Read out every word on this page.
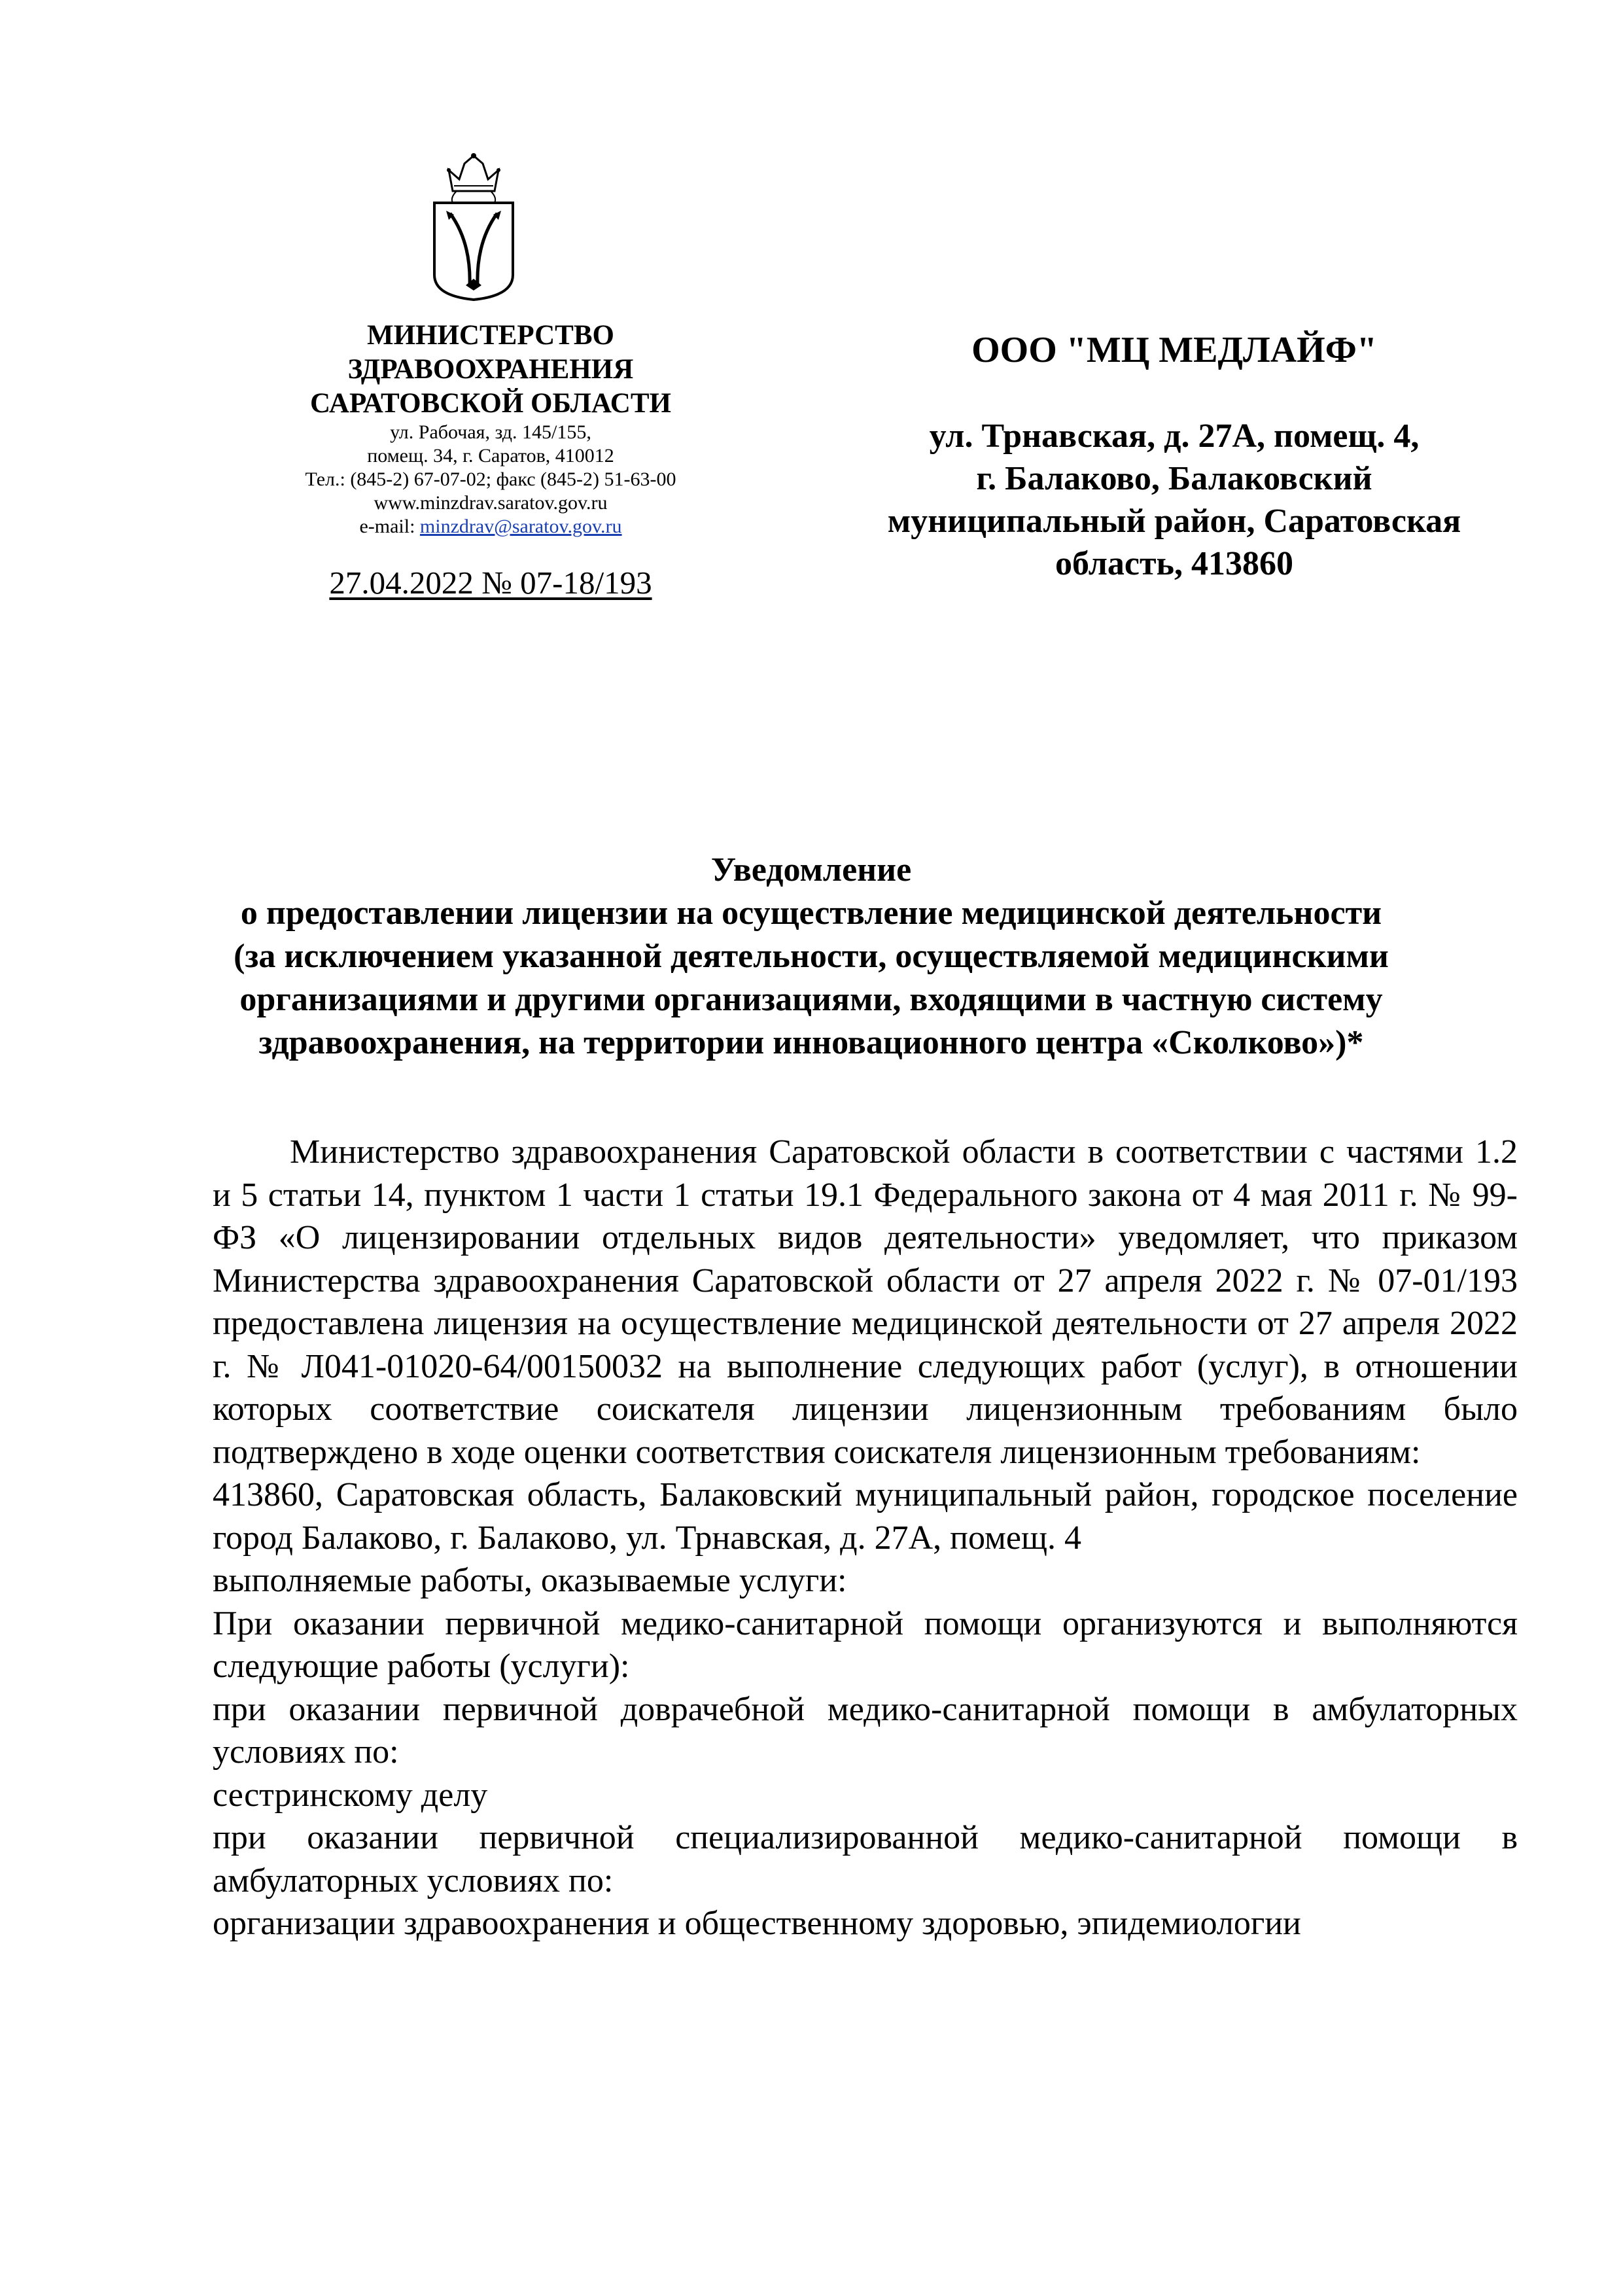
МИНИСТЕРСТВО
ЗДРАВООХРАНЕНИЯ
САРАТОВСКОЙ ОБЛАСТИ
ул. Рабочая, зд. 145/155,
помещ. 34, г. Саратов, 410012
Тел.: (845-2) 67-07-02; факс (845-2) 51-63-00
www.minzdrav.saratov.gov.ru
e-mail: minzdrav@saratov.gov.ru
27.04.2022 № 07-18/193
ООО "МЦ МЕДЛАЙФ"
ул. Трнавская, д. 27А, помещ. 4,
г. Балаково, Балаковский
муниципальный район, Саратовская
область, 413860
Уведомление
о предоставлении лицензии на осуществление медицинской деятельности
(за исключением указанной деятельности, осуществляемой медицинскими
организациями и другими организациями, входящими в частную систему
здравоохранения, на территории инновационного центра «Сколково»)*

Министерство здравоохранения Саратовской области в соответствии с частями 1.2 и 5 статьи 14, пунктом 1 части 1 статьи 19.1 Федерального закона от 4 мая 2011 г. № 99-ФЗ «О лицензировании отдельных видов деятельности» уведомляет, что приказом Министерства здравоохранения Саратовской области от 27 апреля 2022 г. № 07-01/193 предоставлена лицензия на осуществление медицинской деятельности от 27 апреля 2022 г. № Л041-01020-64/00150032 на выполнение следующих работ (услуг), в отношении которых соответствие соискателя лицензии лицензионным требованиям было подтверждено в ходе оценки соответствия соискателя лицензионным требованиям:

413860, Саратовская область, Балаковский муниципальный район, городское поселение город Балаково, г. Балаково, ул. Трнавская, д. 27А, помещ. 4

выполняемые работы, оказываемые услуги:

При оказании первичной медико-санитарной помощи организуются и выполняются следующие работы (услуги):

при оказании первичной доврачебной медико-санитарной помощи в амбулаторных условиях по:

сестринскому делу

при оказании первичной специализированной медико-санитарной помощи в амбулаторных условиях по:

организации здравоохранения и общественному здоровью, эпидемиологии
